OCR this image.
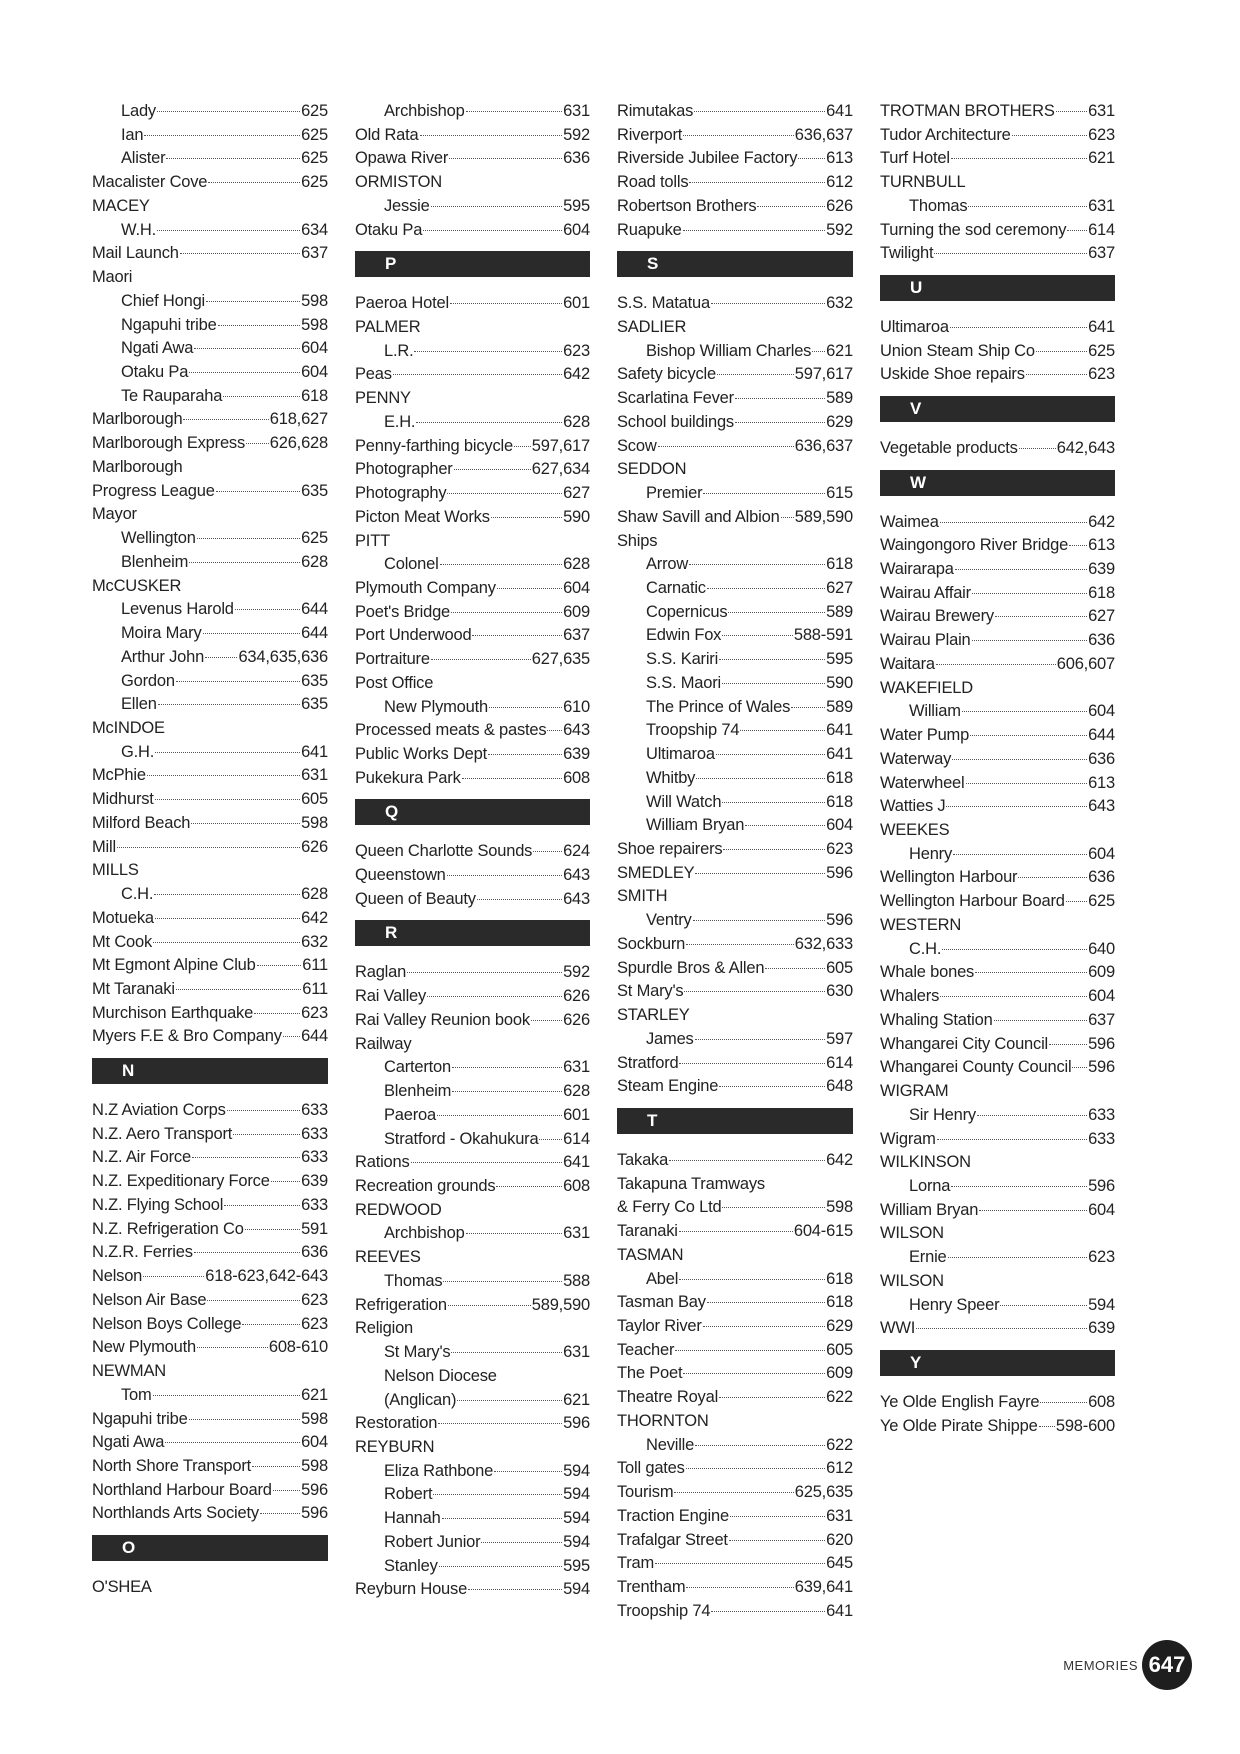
Lady	625
Ian	625
Alister	625
Macalister Cove	625
MACEY
W.H.	634
Mail Launch	637
Maori
Chief Hongi	598
Ngapuhi tribe	598
Ngati Awa	604
Otaku Pa	604
Te Rauparaha	618
Marlborough	618,627
Marlborough Express 626,628
Marlborough
Progress League	635
Mayor
Wellington	625
Blenheim	628
McCUSKER
Levenus Harold	644
Moira Mary	644
Arthur John 634,635,636
Gordon	635
Ellen	635
McINDOE
G.H.	641
McPhie	631
Midhurst	605
Milford Beach	598
Mill	626
MILLS
C.H.	628
Motueka	642
Mt Cook	632
Mt Egmont Alpine Club	611
Mt Taranaki	611
Murchison Earthquake	623
Myers F.E & Bro Company 644
N
N.Z Aviation Corps	633
N.Z. Aero Transport	633
N.Z. Air Force	633
N.Z. Expeditionary Force 639
N.Z. Flying School	633
N.Z. Refrigeration Co	591
N.Z.R. Ferries	636
Nelson	618-623,642-643
Nelson Air Base	623
Nelson Boys College	623
New Plymouth	608-610
NEWMAN
Tom	621
Ngapuhi tribe	598
Ngati Awa	604
North Shore Transport	598
Northland Harbour Board 596
Northlands Arts Society	596
O
O'SHEA
Archbishop	631
Old Rata	592
Opawa River	636
ORMISTON
Jessie	595
Otaku Pa	604
P
Paeroa Hotel	601
PALMER
L.R.	623
Peas	642
PENNY
E.H.	628
Penny-farthing bicycle 597,617
Photographer	627,634
Photography	627
Picton Meat Works	590
PITT
Colonel	628
Plymouth Company	604
Poet's Bridge	609
Port Underwood	637
Portraiture	627,635
Post Office
New Plymouth	610
Processed meats & pastes 643
Public Works Dept	639
Pukekura Park	608
Q
Queen Charlotte Sounds 624
Queenstown	643
Queen of Beauty	643
R
Raglan	592
Rai Valley	626
Rai Valley Reunion book 626
Railway
Carterton	631
Blenheim	628
Paeroa	601
Stratford - Okahukura 614
Rations	641
Recreation grounds	608
REDWOOD
Archbishop	631
REEVES
Thomas	588
Refrigeration	589,590
Religion
St Mary's	631
Nelson Diocese
(Anglican)	621
Restoration	596
REYBURN
Eliza Rathbone	594
Robert	594
Hannah	594
Robert Junior	594
Stanley	595
Reyburn House	594
Rimutakas	641
Riverport	636,637
Riverside Jubilee Factory 613
Road tolls	612
Robertson Brothers	626
Ruapuke	592
S
S.S. Matatua	632
SADLIER
Bishop William Charles 621
Safety bicycle	597,617
Scarlatina Fever	589
School buildings	629
Scow	636,637
SEDDON
Premier	615
Shaw Savill and Albion 589,590
Ships
Arrow	618
Carnatic	627
Copernicus	589
Edwin Fox	588-591
S.S. Kariri	595
S.S. Maori	590
The Prince of Wales 589
Troopship 74	641
Ultimaroa	641
Whitby	618
Will Watch	618
William Bryan	604
Shoe repairers	623
SMEDLEY	596
SMITH
Ventry	596
Sockburn	632,633
Spurdle Bros & Allen	605
St Mary's	630
STARLEY
James	597
Stratford	614
Steam Engine	648
T
Takaka	642
Takapuna Tramways
& Ferry Co Ltd	598
Taranaki	604-615
TASMAN
Abel	618
Tasman Bay	618
Taylor River	629
Teacher	605
The Poet	609
Theatre Royal	622
THORNTON
Neville	622
Toll gates	612
Tourism	625,635
Traction Engine	631
Trafalgar Street	620
Tram	645
Trentham	639,641
Troopship 74	641
TROTMAN BROTHERS 631
Tudor Architecture	623
Turf Hotel	621
TURNBULL
Thomas	631
Turning the sod ceremony 614
Twilight	637
U
Ultimaroa	641
Union Steam Ship Co	625
Uskide Shoe repairs	623
V
Vegetable products 642,643
W
Waimea	642
Waingongoro River Bridge 613
Wairarapa	639
Wairau Affair	618
Wairau Brewery	627
Wairau Plain	636
Waitara	606,607
WAKEFIELD
William	604
Water Pump	644
Waterway	636
Waterwheel	613
Watties J	643
WEEKES
Henry	604
Wellington Harbour	636
Wellington Harbour Board 625
WESTERN
C.H.	640
Whale bones	609
Whalers	604
Whaling Station	637
Whangarei City Council 596
Whangarei County Council 596
WIGRAM
Sir Henry	633
Wigram	633
WILKINSON
Lorna	596
William Bryan	604
WILSON
Ernie	623
WILSON
Henry Speer	594
WWI	639
Y
Ye Olde English Fayre	608
Ye Olde Pirate Shippe 598-600
MEMORIES 647
